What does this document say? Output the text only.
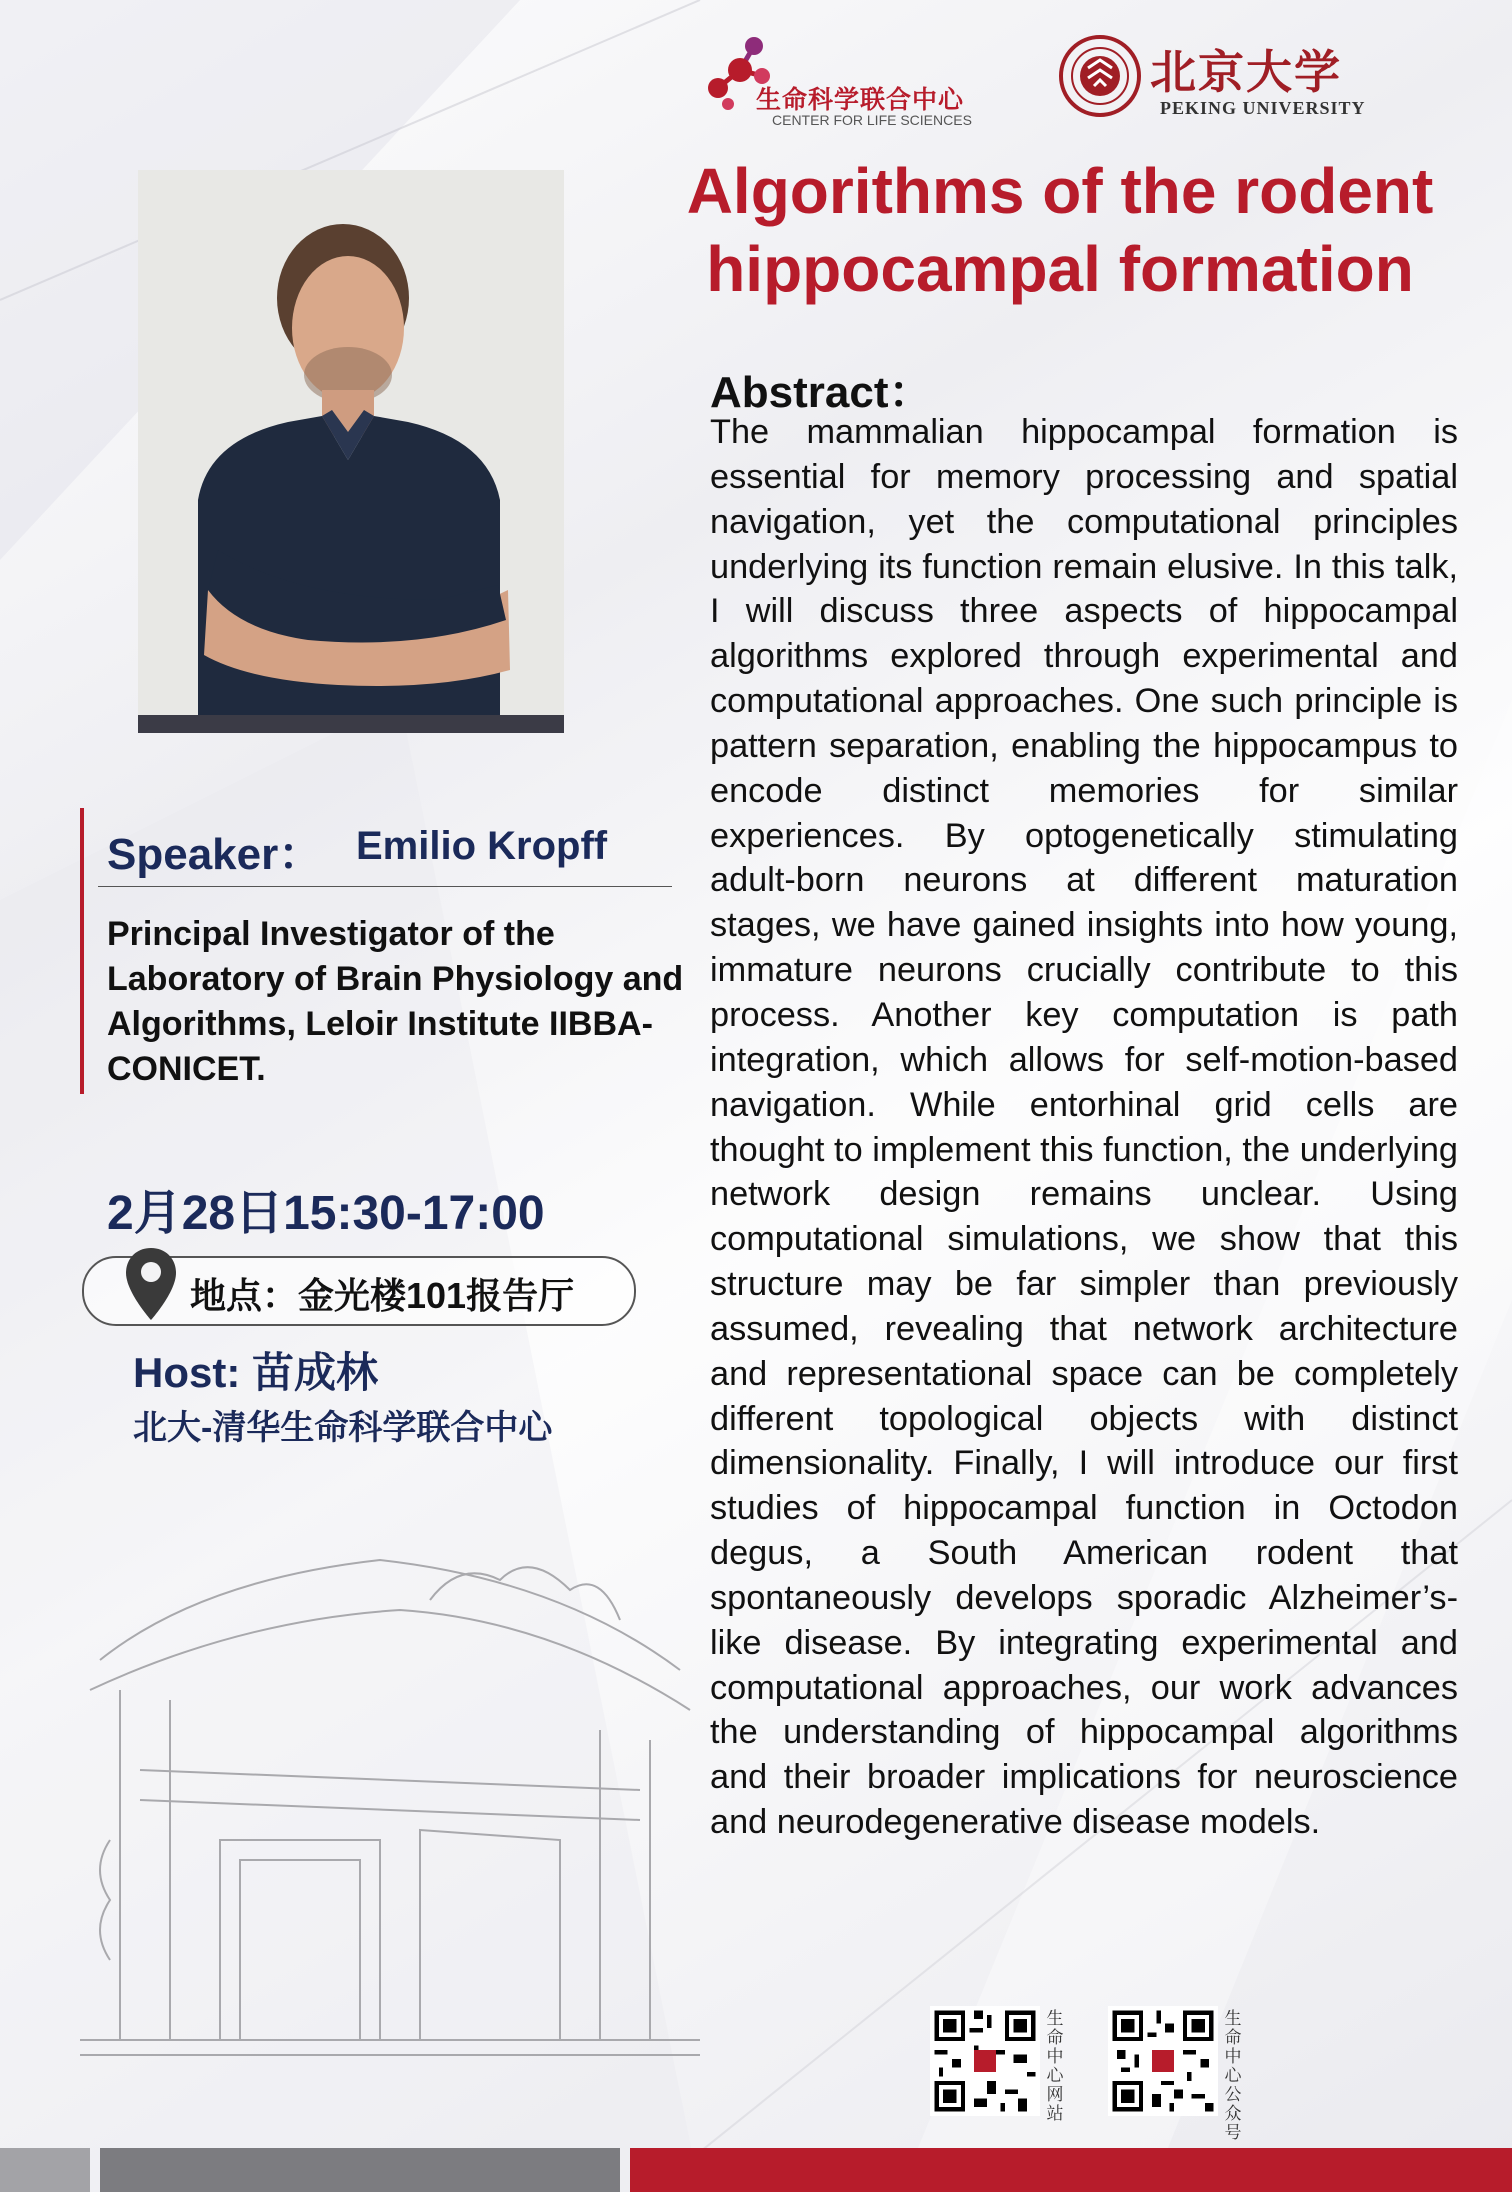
生命科学联合中心
CENTER FOR LIFE SCIENCES
北京大学
PEKING UNIVERSITY
Algorithms of the rodent hippocampal formation
Speaker： Emilio Kropff
Principal Investigator of the Laboratory of Brain Physiology and Algorithms, Leloir Institute IIBBA-CONICET.
2月28日15:30-17:00
地点：金光楼101报告厅
Host: 苗成林
北大-清华生命科学联合中心
Abstract：
The mammalian hippocampal formation is essential for memory processing and spatial navigation, yet the computational principles underlying its function remain elusive. In this talk, I will discuss three aspects of hippocampal algorithms explored through experimental and computational approaches. One such principle is pattern separation, enabling the hippocampus to encode distinct memories for similar experiences. By optogenetically stimulating adult-born neurons at different maturation stages, we have gained insights into how young, immature neurons crucially contribute to this process. Another key computation is path integration, which allows for self-motion-based navigation. While entorhinal grid cells are thought to implement this function, the underlying network design remains unclear. Using computational simulations, we show that this structure may be far simpler than previously assumed, revealing that network architecture and representational space can be completely different topological objects with distinct dimensionality. Finally, I will introduce our first studies of hippocampal function in Octodon degus, a South American rodent that spontaneously develops sporadic Alzheimer’s-like disease. By integrating experimental and computational approaches, our work advances the understanding of hippocampal algorithms and their broader implications for neuroscience and neurodegenerative disease models.
生命中心网站
生命中心公众号
